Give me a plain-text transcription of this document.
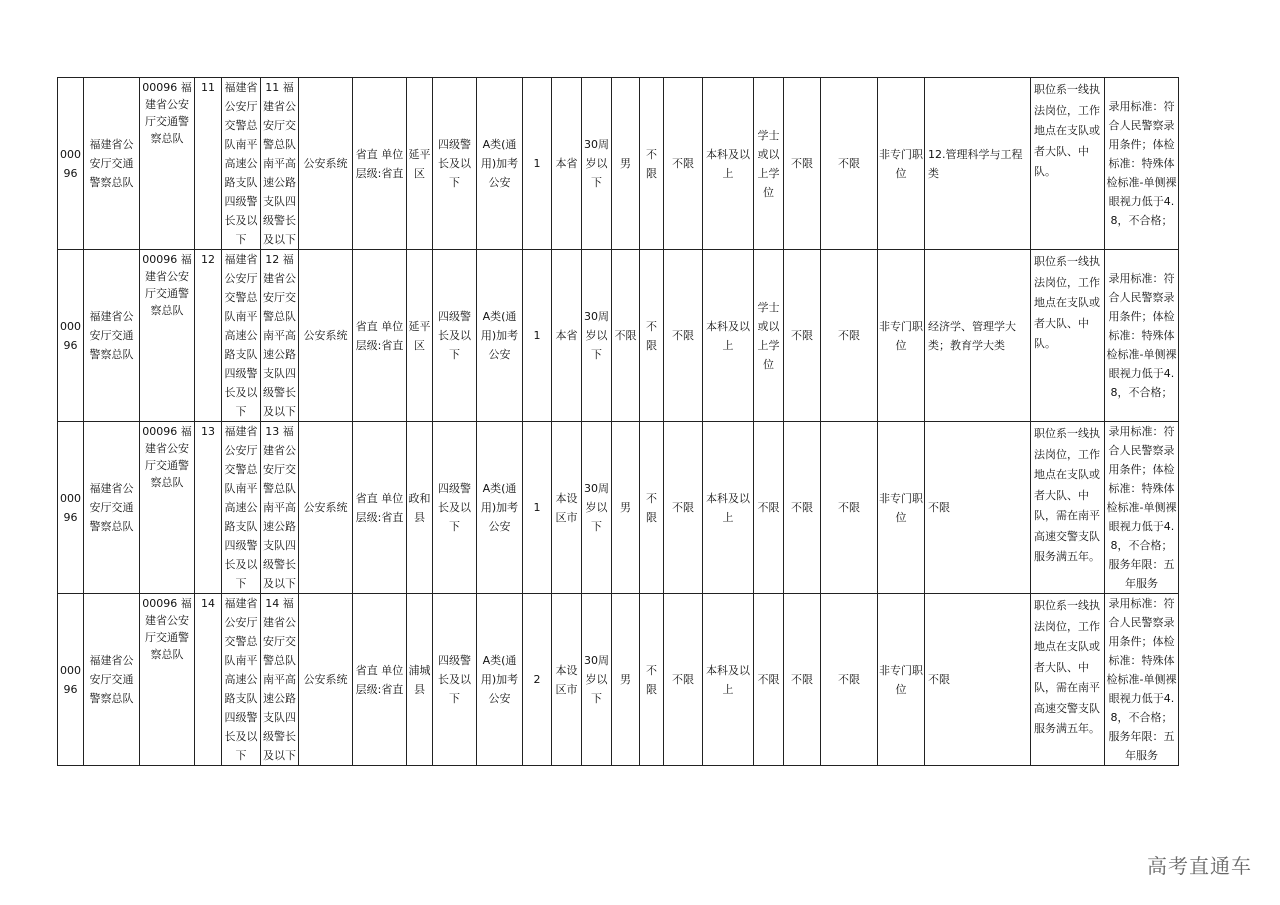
00096	福建省公安厅交通警察总队	00096 福建省公安厅交通警察总队	11	福建省公安厅交警总队南平高速公路支队四级警长及以下	11 福建省公安厅交警总队南平高速公路支队四级警长及以下	公安系统	省直 单位层级:省直	延平区	四级警长及以下	A类(通用)加考公安	1	本省	30周岁以下	男	不限	不限	本科及以上	学士或以上学位	不限	不限	非专门职位	12.管理科学与工程类	职位系一线执法岗位，工作地点在支队或者大队、中队。	录用标准：符合人民警察录用条件；体检标准：特殊体检标准-单侧裸眼视力低于4.8，不合格；
00096	福建省公安厅交通警察总队	00096 福建省公安厅交通警察总队	12	福建省公安厅交警总队南平高速公路支队四级警长及以下	12 福建省公安厅交警总队南平高速公路支队四级警长及以下	公安系统	省直 单位层级:省直	延平区	四级警长及以下	A类(通用)加考公安	1	本省	30周岁以下	不限	不限	不限	本科及以上	学士或以上学位	不限	不限	非专门职位	经济学、管理学大类；教育学大类	职位系一线执法岗位，工作地点在支队或者大队、中队。	录用标准：符合人民警察录用条件；体检标准：特殊体检标准-单侧裸眼视力低于4.8，不合格；
00096	福建省公安厅交通警察总队	00096 福建省公安厅交通警察总队	13	福建省公安厅交警总队南平高速公路支队四级警长及以下	13 福建省公安厅交警总队南平高速公路支队四级警长及以下	公安系统	省直 单位层级:省直	政和县	四级警长及以下	A类(通用)加考公安	1	本设区市	30周岁以下	男	不限	不限	本科及以上	不限	不限	不限	非专门职位	不限	职位系一线执法岗位，工作地点在支队或者大队、中队，需在南平高速交警支队服务满五年。	录用标准：符合人民警察录用条件；体检标准：特殊体检标准-单侧裸眼视力低于4.8，不合格；服务年限：五年服务
00096	福建省公安厅交通警察总队	00096 福建省公安厅交通警察总队	14	福建省公安厅交警总队南平高速公路支队四级警长及以下	14 福建省公安厅交警总队南平高速公路支队四级警长及以下	公安系统	省直 单位层级:省直	浦城县	四级警长及以下	A类(通用)加考公安	2	本设区市	30周岁以下	男	不限	不限	本科及以上	不限	不限	不限	非专门职位	不限	职位系一线执法岗位，工作地点在支队或者大队、中队，需在南平高速交警支队服务满五年。	录用标准：符合人民警察录用条件；体检标准：特殊体检标准-单侧裸眼视力低于4.8，不合格；服务年限：五年服务
高考直通车
